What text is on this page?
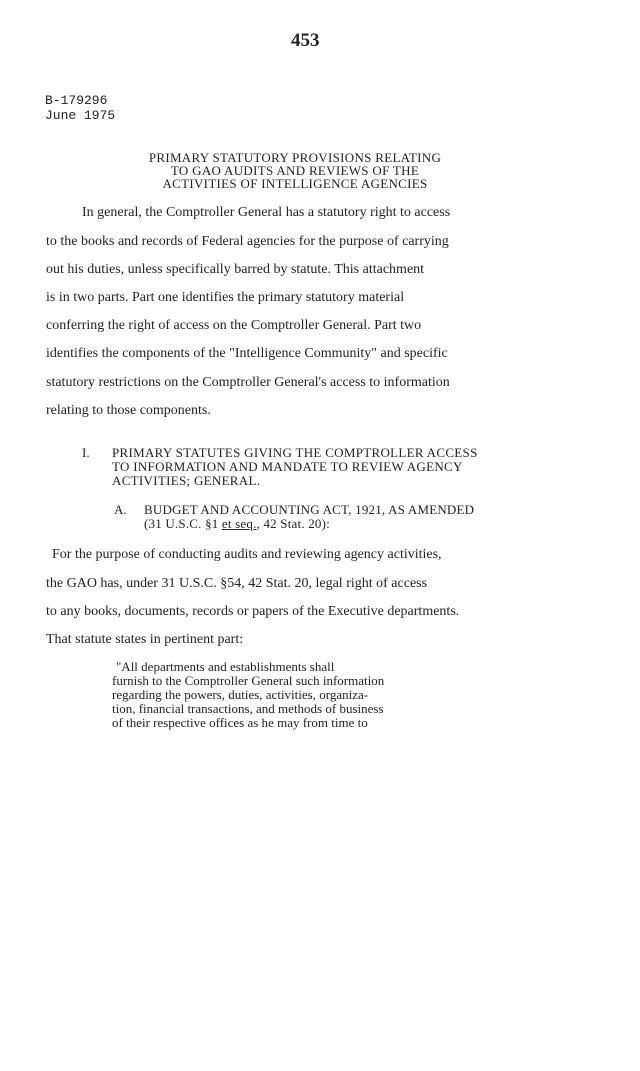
453
B-179296
June 1975
PRIMARY STATUTORY PROVISIONS RELATING
TO GAO AUDITS AND REVIEWS OF THE
ACTIVITIES OF INTELLIGENCE AGENCIES
In general, the Comptroller General has a statutory right to access
to the books and records of Federal agencies for the purpose of carrying
out his duties, unless specifically barred by statute. This attachment
is in two parts. Part one identifies the primary statutory material
conferring the right of access on the Comptroller General. Part two
identifies the components of the "Intelligence Community" and specific
statutory restrictions on the Comptroller General's access to information
relating to those components.
I. PRIMARY STATUTES GIVING THE COMPTROLLER ACCESS
TO INFORMATION AND MANDATE TO REVIEW AGENCY
ACTIVITIES; GENERAL.
A. BUDGET AND ACCOUNTING ACT, 1921, AS AMENDED
(31 U.S.C. §1 et seq., 42 Stat. 20):
For the purpose of conducting audits and reviewing agency activities,
the GAO has, under 31 U.S.C. §54, 42 Stat. 20, legal right of access
to any books, documents, records or papers of the Executive departments.
That statute states in pertinent part:
"All departments and establishments shall
furnish to the Comptroller General such information
regarding the powers, duties, activities, organiza-
tion, financial transactions, and methods of business
of their respective offices as he may from time to
